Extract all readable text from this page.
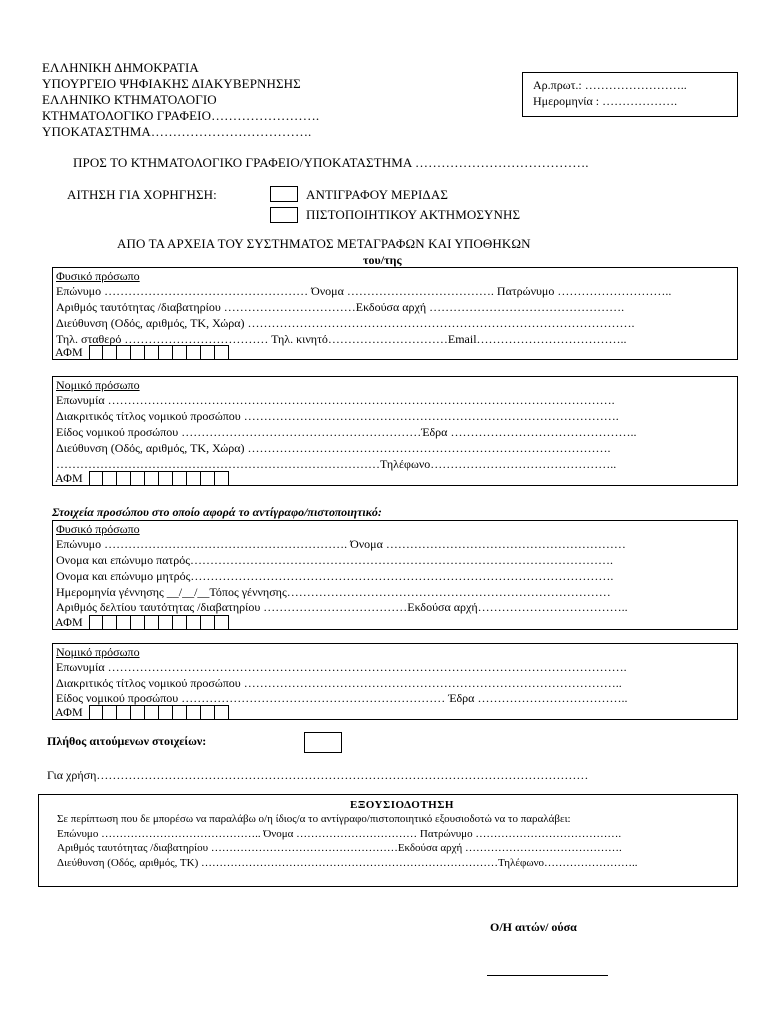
ΕΛΛΗΝΙΚΗ ΔΗΜΟΚΡΑΤΙΑ
ΥΠΟΥΡΓΕΙΟ ΨΗΦΙΑΚΗΣ ΔΙΑΚΥΒΕΡΝΗΣΗΣ
ΕΛΛΗΝΙΚΟ ΚΤΗΜΑΤΟΛΟΓΙΟ
ΚΤΗΜΑΤΟΛΟΓΙΚΟ ΓΡΑΦΕΙΟ…………………….
ΥΠΟΚΑΤΑΣΤΗΜΑ……………………………….
Αρ.πρωτ.: ……………………..
Ημερομηνία : ……………….
ΠΡΟΣ ΤΟ ΚΤΗΜΑΤΟΛΟΓΙΚΟ ΓΡΑΦΕΙΟ/ΥΠΟΚΑΤΑΣΤΗΜΑ ………………………………….
ΑΙΤΗΣΗ ΓΙΑ ΧΟΡΗΓΗΣΗ:	ΑΝΤΙΓΡΑΦΟΥ ΜΕΡΙΔΑΣ
ΠΙΣΤΟΠΟΙΗΤΙΚΟΥ ΑΚΤΗΜΟΣΥΝΗΣ
ΑΠΟ ΤΑ ΑΡΧΕΙΑ ΤΟΥ ΣΥΣΤΗΜΑΤΟΣ ΜΕΤΑΓΡΑΦΩΝ ΚΑΙ ΥΠΟΘΗΚΩΝ
του/της
Φυσικό πρόσωπο
Επώνυμο …………………………………………… Όνομα ………………………………. Πατρώνυμο ………………………..
Αριθμός ταυτότητας /διαβατηρίου ……………………………Εκδούσα αρχή ………………………………………….
Διεύθυνση (Οδός, αριθμός, ΤΚ, Χώρα) …………………………………………………………………………………….
Τηλ. σταθερό ……………………………… Τηλ. κινητό…………………………Email………………………………..
ΑΦΜ
Νομικό πρόσωπο
Επωνυμία ……………………………………………………………………………………………………………….
Διακριτικός τίτλος νομικού προσώπου ………………………………………………………………………………….
Είδος νομικού προσώπου ……………………………………………………Έδρα ………………………………………..
Διεύθυνση (Οδός, αριθμός, ΤΚ, Χώρα) ……………………………………………………………………………….
………………………………………………………………………Τηλέφωνο………………………………………..
ΑΦΜ
Στοιχεία προσώπου στο οποίο αφορά το αντίγραφο/πιστοποιητικό:
Φυσικό πρόσωπο
Επώνυμο ……………………………………………………. Όνομα ……………………………………………………
Ονομα και επώνυμο πατρός…………………………………………………………………………………………….
Ονομα και επώνυμο μητρός…………………………………………………………………………………………….
Ημερομηνία γέννησης __/__/__Τόπος γέννησης………………………………………………………………………
Αριθμός δελτίου ταυτότητας /διαβατηρίου ………………………………Εκδούσα αρχή………………………………..
ΑΦΜ
Νομικό πρόσωπο
Επωνυμία ………………………………………………………………………………………………………………….
Διακριτικός τίτλος νομικού προσώπου …………………………………………………………………………………..
Είδος νομικού προσώπου ………………………………………………………… Έδρα ………………………………..
ΑΦΜ
Πλήθος αιτούμενων στοιχείων:
Για χρήση……………………………………………………………………………………………………………
ΕΞΟΥΣΙΟΔΟΤΗΣΗ
Σε περίπτωση που δε μπορέσω να παραλάβω ο/η ίδιος/α το αντίγραφο/πιστοποιητικό εξουσιοδοτώ να το παραλάβει:
Επώνυμο …………………………………….. Όνομα …………………………… Πατρώνυμο ………………………………….
Αριθμός ταυτότητας /διαβατηρίου ……………………………………………Εκδούσα αρχή …………………………………….
Διεύθυνση (Οδός, αριθμός, ΤΚ) ………………………………………………………………………Τηλέφωνο……………………..
Ο/Η αιτών/ ούσα
